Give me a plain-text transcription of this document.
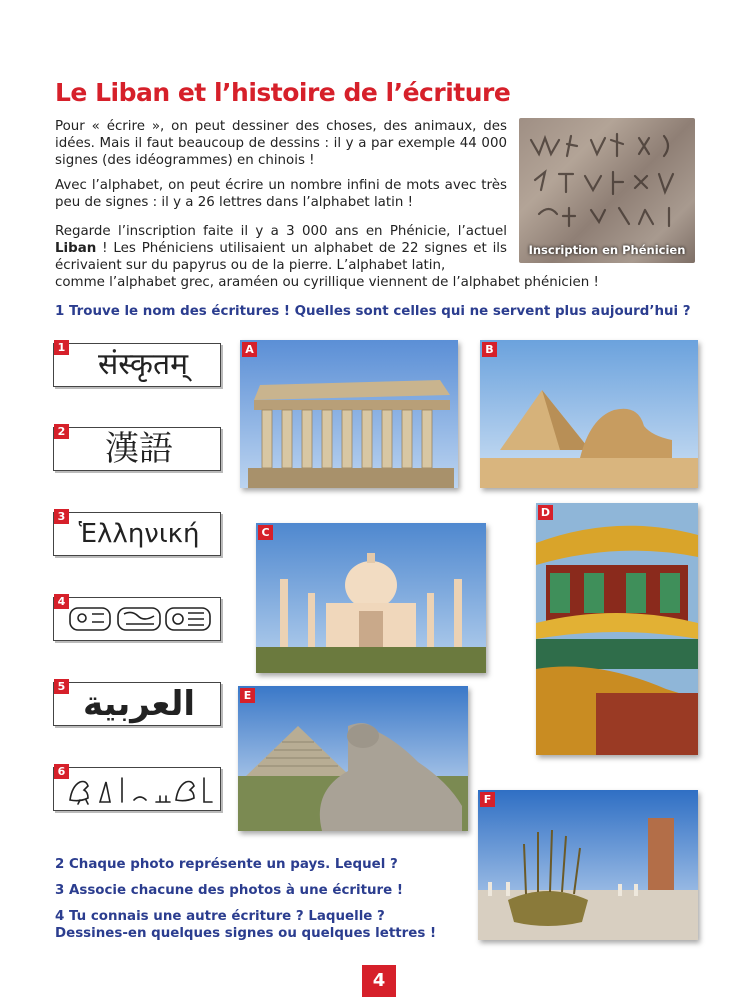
Le Liban et l’histoire de l’écriture
Pour « écrire », on peut dessiner des choses, des animaux, des idées. Mais il faut beaucoup de dessins : il y a par exemple 44 000 signes (des idéogrammes) en chinois !
Avec l’alphabet, on peut écrire un nombre infini de mots avec très peu de signes : il y a 26 lettres dans l’alphabet latin !
Regarde l’inscription faite il y a 3 000 ans en Phénicie, l’actuel Liban ! Les Phéniciens utilisaient un alphabet de 22 signes et ils écrivaient sur du papyrus ou de la pierre. L’alphabet latin,
comme l’alphabet grec, araméen ou cyrillique viennent de l’alphabet phénicien !
Inscription en Phénicien
1 Trouve le nom des écritures ! Quelles sont celles qui ne servent plus aujourd’hui ?
1	संस्कृतम्
2	漢語
3
Ἑλληνική
4
5 العربية
6
A	B
C
D
E
F
2 Chaque photo représente un pays. Lequel ?
3 Associe chacune des photos à une écriture !
4 Tu connais une autre écriture ? Laquelle ?
Dessines-en quelques signes ou quelques lettres !
4
